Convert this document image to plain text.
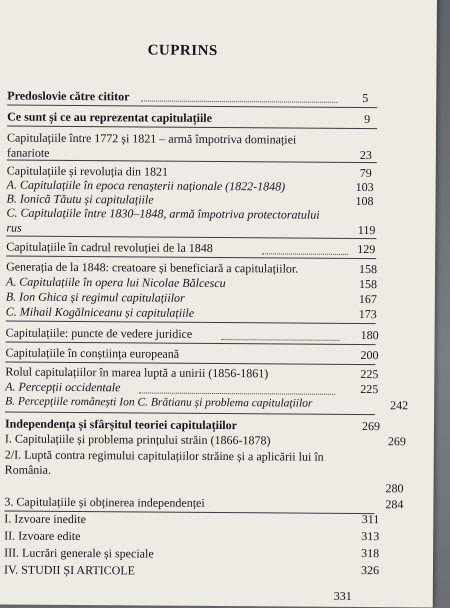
CUPRINS
Predoslovie către cititor	5
Ce sunt și ce au reprezentat capitulațiile	9
Capitulațiile între 1772 și 1821 – armă împotriva dominației
fanariote	23
Capitulațiile și revoluția din 1821	79
A. Capitulațiile în epoca renașterii naționale (1822-1848)	103
B. Ionică Tăutu și capitulațiile	108
C. Capitulațiile între 1830–1848, armă împotriva protectoratului
rus	119
Capitulațiile în cadrul revoluției de la 1848	129
Generația de la 1848: creatoare și beneficiară a capitulațiilor.	158
A. Capitulațiile în opera lui Nicolae Bălcescu	158
B. Ion Ghica și regimul capitulațiilor	167
C. Mihail Kogălniceanu și capitulațiile	173
Capitulațiile: puncte de vedere juridice	180
Capitulațiile în conștiința europeană	200
Rolul capitulațiilor în marea luptă a unirii (1856-1861)	225
A. Percepții occidentale	225
B. Percepțiile românești Ion C. Brătianu și problema capitulațiilor	242
Independența și sfârșitul teoriei capitulațiilor	269
I. Capitulațiile și problema prințului străin (1866-1878)	269
2/I. Luptă contra regimului capitulațiilor străine și a aplicării lui în
România.
280
3. Capitulațiile și obținerea independenței	284
I. Izvoare inedite	311
II. Izvoare edite	313
III. Lucrări generale și speciale	318
IV. STUDII ȘI ARTICOLE	326
331
